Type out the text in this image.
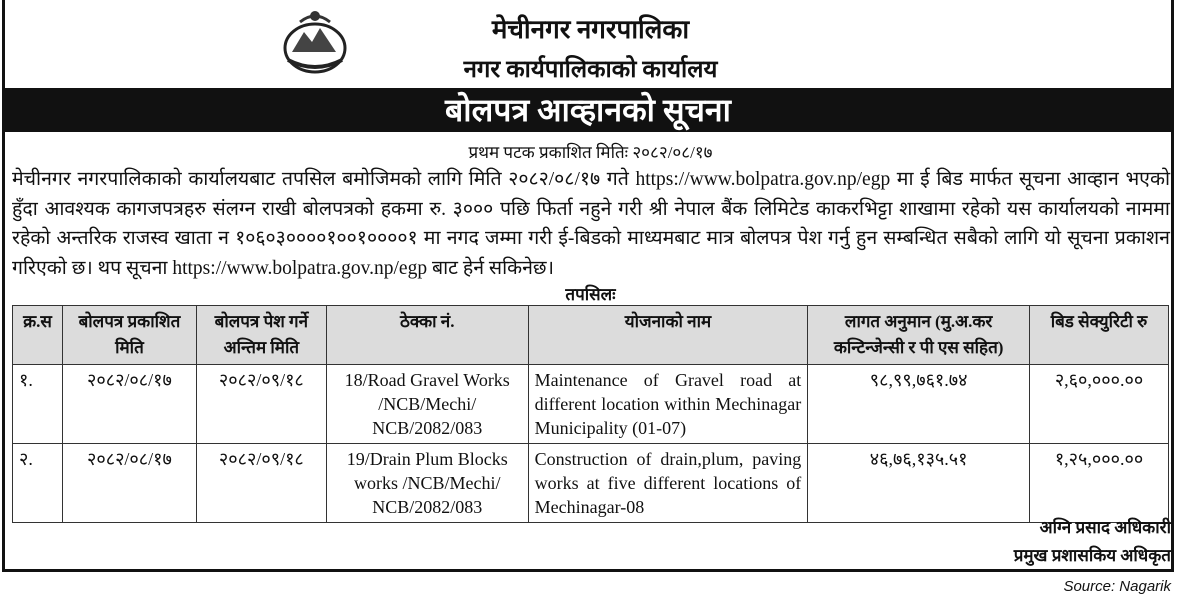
मेचीनगर नगरपालिका
नगर कार्यपालिकाको कार्यालय
बोलपत्र आव्हानको सूचना
प्रथम पटक प्रकाशित मितिः २०८२/०८/१७
मेचीनगर नगरपालिकाको कार्यालयबाट तपसिल बमोजिमको लागि मिति २०८२/०८/१७ गते https://www.bolpatra.gov.np/egp मा ई बिड मार्फत सूचना आव्हान भएको हुँदा आवश्यक कागजपत्रहरु संलग्न राखी बोलपत्रको हकमा रु. ३००० पछि फिर्ता नहुने गरी श्री नेपाल बैंक लिमिटेड काकरभिट्टा शाखामा रहेको यस कार्यालयको नाममा रहेको अन्तरिक राजस्व खाता न १०६०३००००१००१००००१ मा नगद जम्मा गरी ई-बिडको माध्यमबाट मात्र बोलपत्र पेश गर्नु हुन सम्बन्धित सबैको लागि यो सूचना प्रकाशन गरिएको छ। थप सूचना https://www.bolpatra.gov.np/egp बाट हेर्न सकिनेछ।
तपसिलः
क्र.स	बोलपत्र प्रकाशित मिति	बोलपत्र पेश गर्ने अन्तिम मिति	ठेक्का नं.	योजनाको नाम	लागत अनुमान (मु.अ.कर कन्टिन्जेन्सी र पी एस सहित)	बिड सेक्युरिटी रु
१.	२०८२/०८/१७	२०८२/०९/१८	18/Road Gravel Works /NCB/Mechi/ NCB/2082/083	Maintenance of Gravel road at different location within Mechinagar Municipality (01-07)	९८,९९,७६१.७४	२,६०,०००.००
२.	२०८२/०८/१७	२०८२/०९/१८	19/Drain Plum Blocks works /NCB/Mechi/ NCB/2082/083	Construction of drain,plum, paving works at five different locations of Mechinagar-08	४६,७६,१३५.५१	१,२५,०००.००
अग्नि प्रसाद अधिकारी
प्रमुख प्रशासकिय अधिकृत
Source: Nagarik
